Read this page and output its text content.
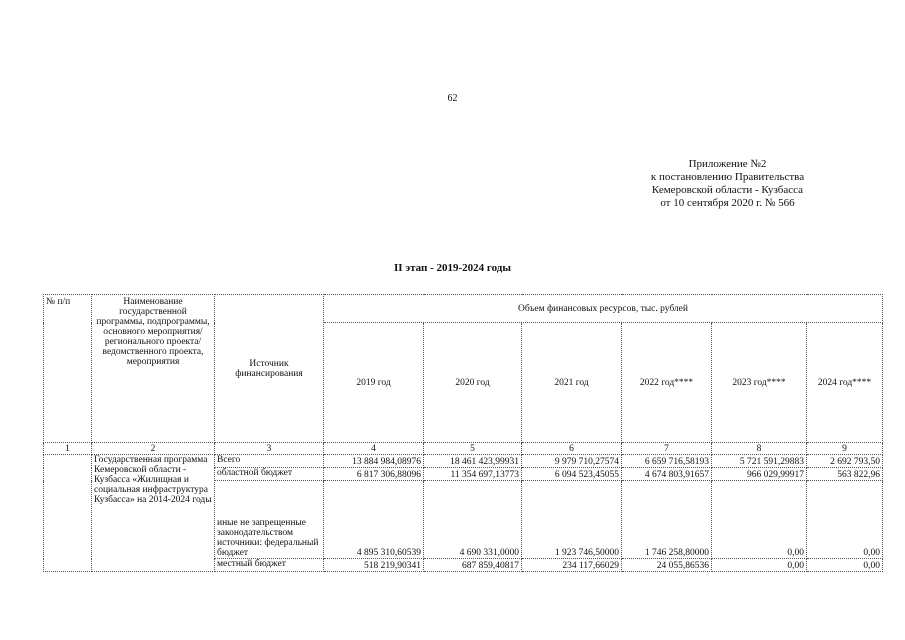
62
Приложение №2
к постановлению Правительства
Кемеровской области - Кузбасса
от 10 сентября 2020 г. № 566
II этап - 2019-2024 годы
№ п/п	Наименование государственной программы, подпрограммы, основного мероприятия/ регионального проекта/ ведомственного проекта, мероприятия	Источник финансирования	Объем финансовых ресурсов, тыс. рублей					
			2019 год	2020 год	2021 год	2022 год****	2023 год****	2024 год****
1	2	3	4	5	6	7	8	9
	Государственная программа Кемеровской области - Кузбасса «Жилищная и социальная инфраструктура Кузбасса» на 2014-2024 годы	Всего	13 884 984,08976	18 461 423,99931	9 979 710,27574	6 659 716,58193	5 721 591,29883	2 692 793,50
		областной бюджет	6 817 306,88096	11 354 697,13773	6 094 523,45055	4 674 803,91657	966 029,99917	563 822,96
		иные не запрещенные законодательством источники: федеральный бюджет	4 895 310,60539	4 690 331,0000	1 923 746,50000	1 746 258,80000	0,00	0,00
		местный бюджет	518 219,90341	687 859,40817	234 117,66029	24 055,86536	0,00	0,00
